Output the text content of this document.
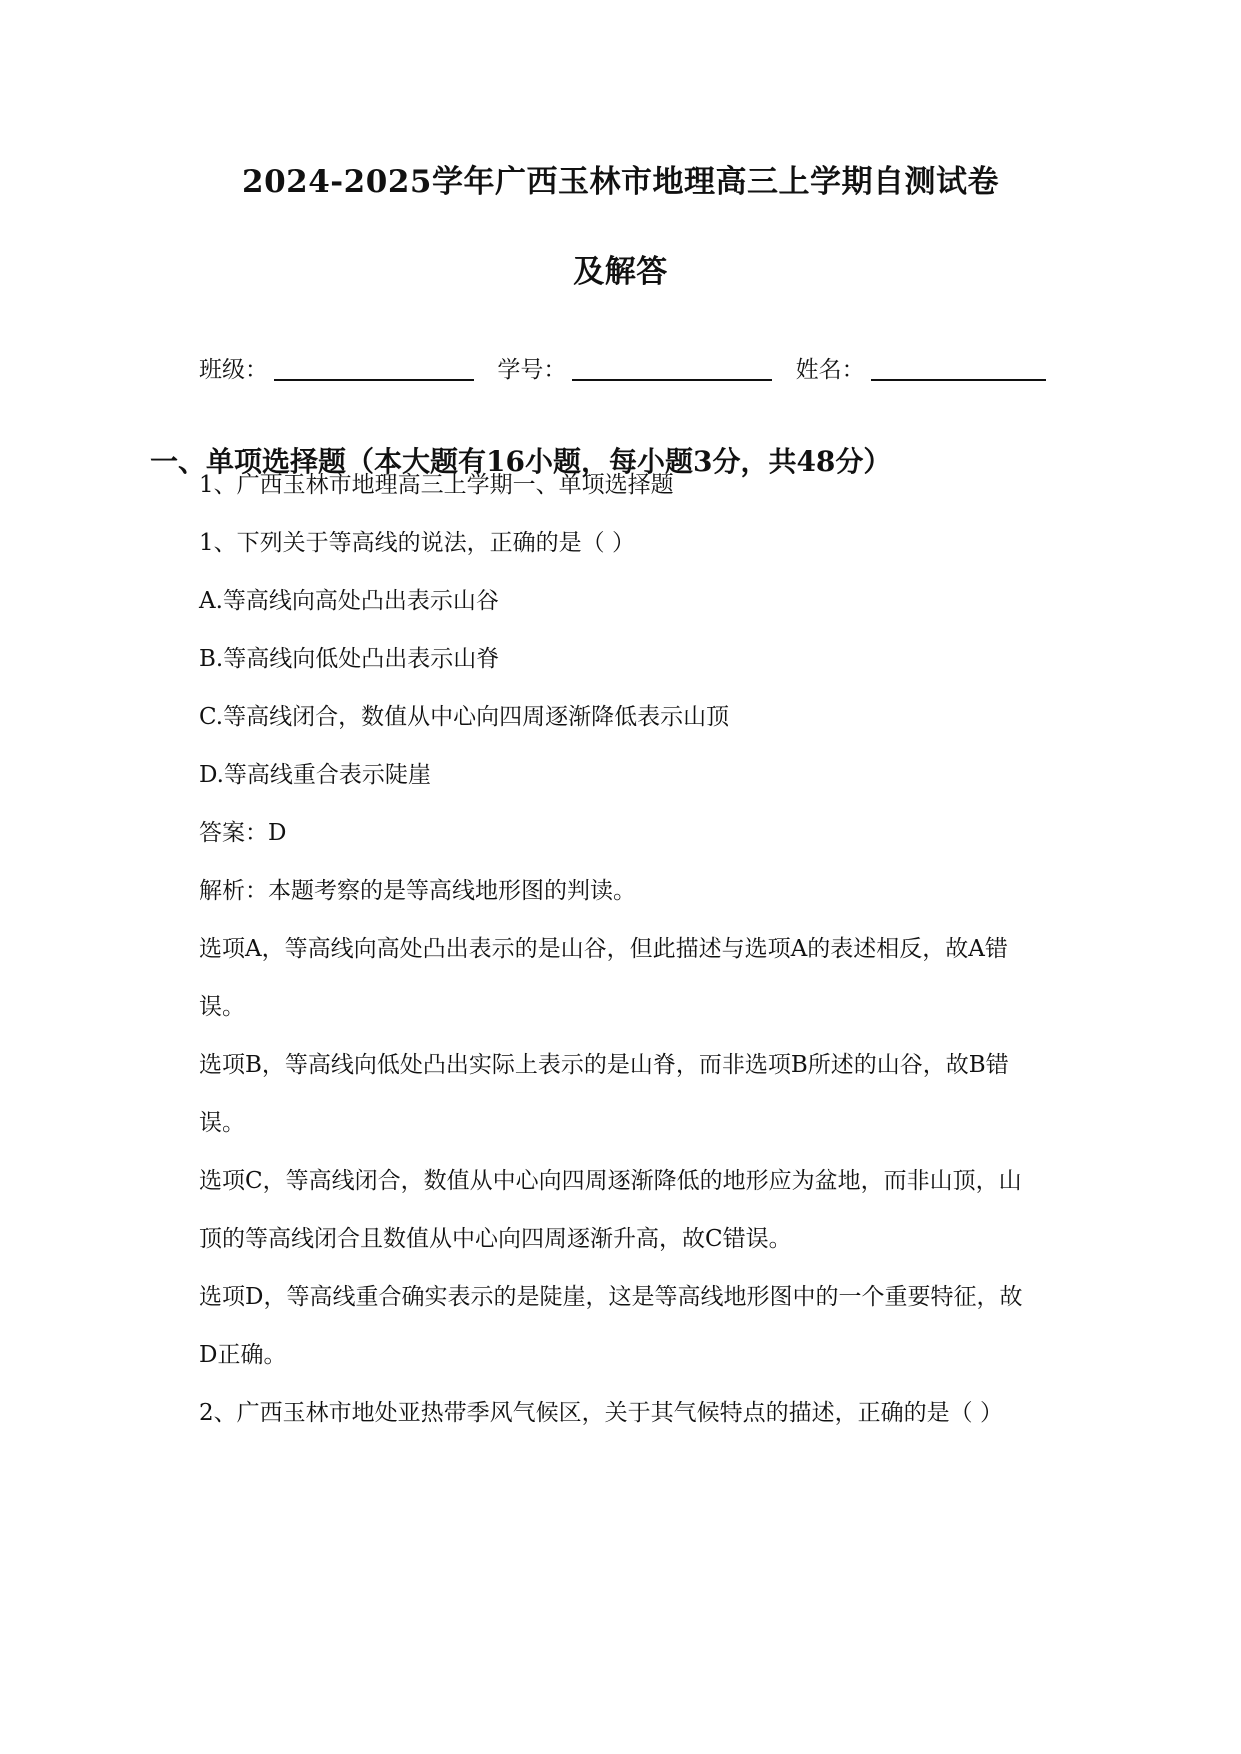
2024-2025学年广西玉林市地理高三上学期自测试卷
及解答
班级：	学号：	姓名：
一、单项选择题（本大题有16小题，每小题3分，共48分）
1、广西玉林市地理高三上学期一、单项选择题
1、下列关于等高线的说法，正确的是（ ）
A.等高线向高处凸出表示山谷
B.等高线向低处凸出表示山脊
C.等高线闭合，数值从中心向四周逐渐降低表示山顶
D.等高线重合表示陡崖
答案：D
解析：本题考察的是等高线地形图的判读。
选项A，等高线向高处凸出表示的是山谷，但此描述与选项A的表述相反，故A错
误。
选项B，等高线向低处凸出实际上表示的是山脊，而非选项B所述的山谷，故B错
误。
选项C，等高线闭合，数值从中心向四周逐渐降低的地形应为盆地，而非山顶，山
顶的等高线闭合且数值从中心向四周逐渐升高，故C错误。
选项D，等高线重合确实表示的是陡崖，这是等高线地形图中的一个重要特征，故
D正确。
2、广西玉林市地处亚热带季风气候区，关于其气候特点的描述，正确的是（ ）
